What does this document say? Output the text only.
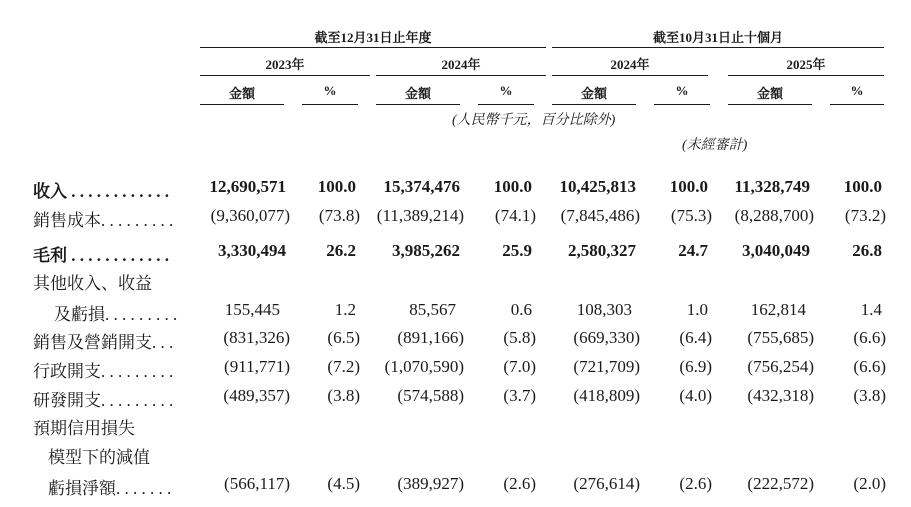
截至12月31日止年度	截至10月31日止十個月
2023年	2024年	2024年	2025年
金額	%	金額	%	金額	%	金額	%
(人民幣千元，百分比除外)
(未經審計)
收入 . . . . . . . . . . . .	12,690,571	100.0	15,374,476	100.0	10,425,813	100.0	11,328,749	100.0
銷售成本. . . . . . . . .	(9,360,077)	(73.8) (11,389,214)	(74.1)	(7,845,486)	(75.3)	(8,288,700)	(73.2)
毛利 . . . . . . . . . . . .	3,330,494	26.2	3,985,262	25.9	2,580,327	24.7	3,040,049	26.8
其他收入、收益
及虧損. . . . . . . . .	155,445	1.2	85,567	0.6	108,303	1.0	162,814	1.4
銷售及營銷開支. . .	(831,326)	(6.5)	(891,166)	(5.8)	(669,330)	(6.4)	(755,685)	(6.6)
行政開支. . . . . . . . .	(911,771)	(7.2)	(1,070,590)	(7.0)	(721,709)	(6.9)	(756,254)	(6.6)
研發開支. . . . . . . . .	(489,357)	(3.8)	(574,588)	(3.7)	(418,809)	(4.0)	(432,318)	(3.8)
預期信用損失
模型下的減值
虧損淨額. . . . . . .	(566,117)	(4.5)	(389,927)	(2.6)	(276,614)	(2.6)	(222,572)	(2.0)
